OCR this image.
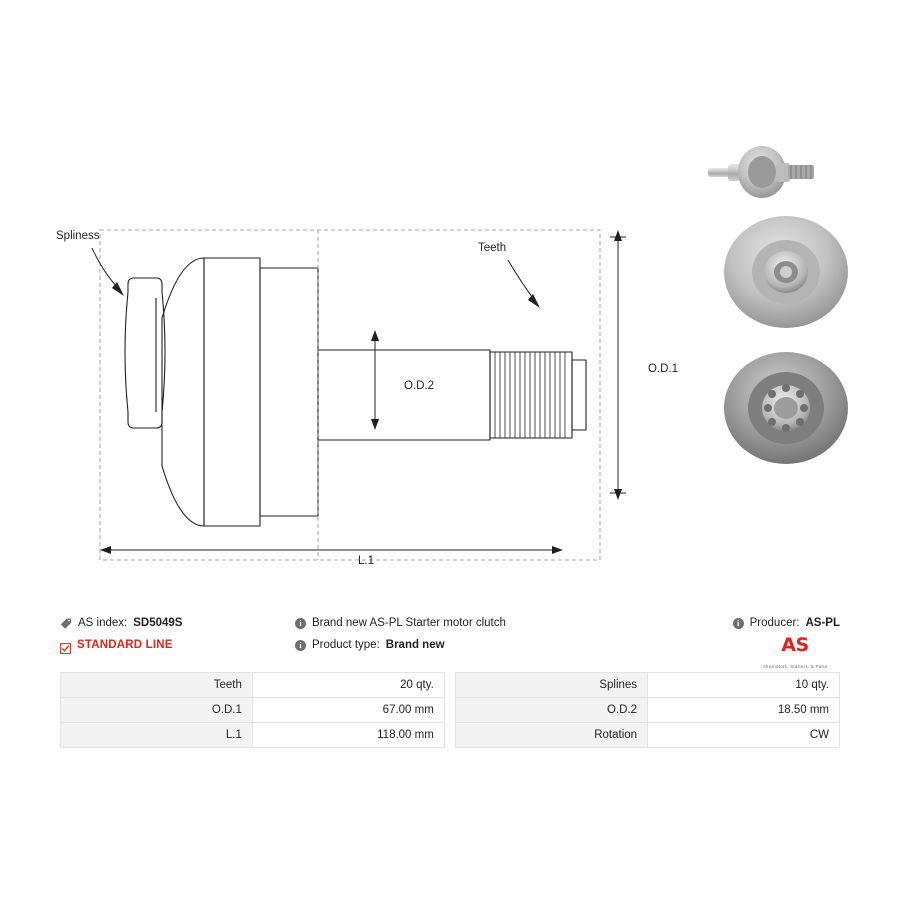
Spliness
Teeth
O.D.1
O.D.2
L.1
AS index: SD5049S
STANDARD LINE
i Brand new AS-PL Starter motor clutch
i Product type: Brand new
i Producer: AS-PL
AS
Alternators. Starters. & Parts
Teeth	20 qty.		Splines	10 qty.
O.D.1	67.00 mm		O.D.2	18.50 mm
L.1	118.00 mm		Rotation	CW
